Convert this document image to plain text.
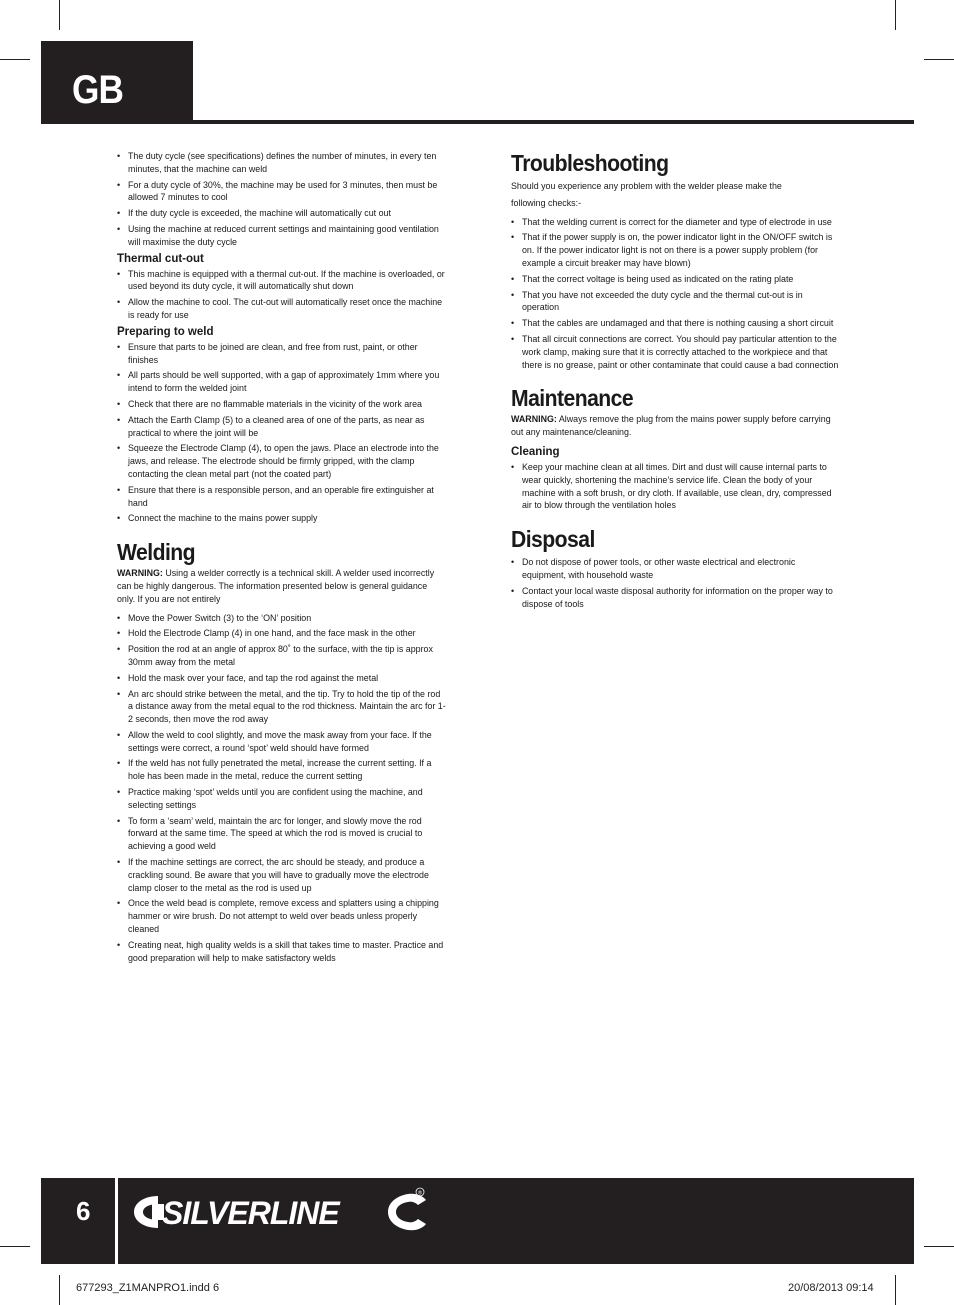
GB
• The duty cycle (see specifications) defines the number of minutes, in every ten minutes, that the machine can weld
• For a duty cycle of 30%, the machine may be used for 3 minutes, then must be allowed 7 minutes to cool
• If the duty cycle is exceeded, the machine will automatically cut out
• Using the machine at reduced current settings and maintaining good ventilation will maximise the duty cycle
Thermal cut-out
• This machine is equipped with a thermal cut-out. If the machine is overloaded, or used beyond its duty cycle, it will automatically shut down
• Allow the machine to cool. The cut-out will automatically reset once the machine is ready for use
Preparing to weld
• Ensure that parts to be joined are clean, and free from rust, paint, or other finishes
• All parts should be well supported, with a gap of approximately 1mm where you intend to form the welded joint
• Check that there are no flammable materials in the vicinity of the work area
• Attach the Earth Clamp (5) to a cleaned area of one of the parts, as near as practical to where the joint will be
• Squeeze the Electrode Clamp (4), to open the jaws. Place an electrode into the jaws, and release. The electrode should be firmly gripped, with the clamp contacting the clean metal part (not the coated part)
• Ensure that there is a responsible person, and an operable fire extinguisher at hand
• Connect the machine to the mains power supply
Welding

WARNING: Using a welder correctly is a technical skill. A welder used incorrectly can be highly dangerous. The information presented below is general guidance only. If you are not entirely

• Move the Power Switch (3) to the ‘ON’ position
• Hold the Electrode Clamp (4) in one hand, and the face mask in the other
• Position the rod at an angle of approx 80˚ to the surface, with the tip is approx 30mm away from the metal
• Hold the mask over your face, and tap the rod against the metal
• An arc should strike between the metal, and the tip. Try to hold the tip of the rod a distance away from the metal equal to the rod thickness. Maintain the arc for 1-2 seconds, then move the rod away
• Allow the weld to cool slightly, and move the mask away from your face. If the settings were correct, a round ‘spot’ weld should have formed
• If the weld has not fully penetrated the metal, increase the current setting. If a hole has been made in the metal, reduce the current setting
• Practice making ‘spot’ welds until you are confident using the machine, and selecting settings
• To form a ‘seam’ weld, maintain the arc for longer, and slowly move the rod forward at the same time. The speed at which the rod is moved is crucial to achieving a good weld
• If the machine settings are correct, the arc should be steady, and produce a crackling sound. Be aware that you will have to gradually move the electrode clamp closer to the metal as the rod is used up
• Once the weld bead is complete, remove excess and splatters using a chipping hammer or wire brush. Do not attempt to weld over beads unless properly cleaned
• Creating neat, high quality welds is a skill that takes time to master. Practice and good preparation will help to make satisfactory welds
Troubleshooting

Should you experience any problem with the welder please make the

following checks:-

• That the welding current is correct for the diameter and type of electrode in use
• That if the power supply is on, the power indicator light in the ON/OFF switch is on. If the power indicator light is not on there is a power supply problem (for example a circuit breaker may have blown)
• That the correct voltage is being used as indicated on the rating plate
• That you have not exceeded the duty cycle and the thermal cut-out is in operation
• That the cables are undamaged and that there is nothing causing a short circuit
• That all circuit connections are correct. You should pay particular attention to the work clamp, making sure that it is correctly attached to the workpiece and that there is no grease, paint or other contaminate that could cause a bad connection
Maintenance

WARNING: Always remove the plug from the mains power supply before carrying out any maintenance/cleaning.

Cleaning
• Keep your machine clean at all times. Dirt and dust will cause internal parts to wear quickly, shortening the machine’s service life. Clean the body of your machine with a soft brush, or dry cloth. If available, use clean, dry, compressed air to blow through the ventilation holes
Disposal
• Do not dispose of power tools, or other waste electrical and electronic equipment, with household waste
• Contact your local waste disposal authority for information on the proper way to dispose of tools
6 SILVERLINE
®
677293_Z1MANPRO1.indd 6	20/08/2013 09:14
